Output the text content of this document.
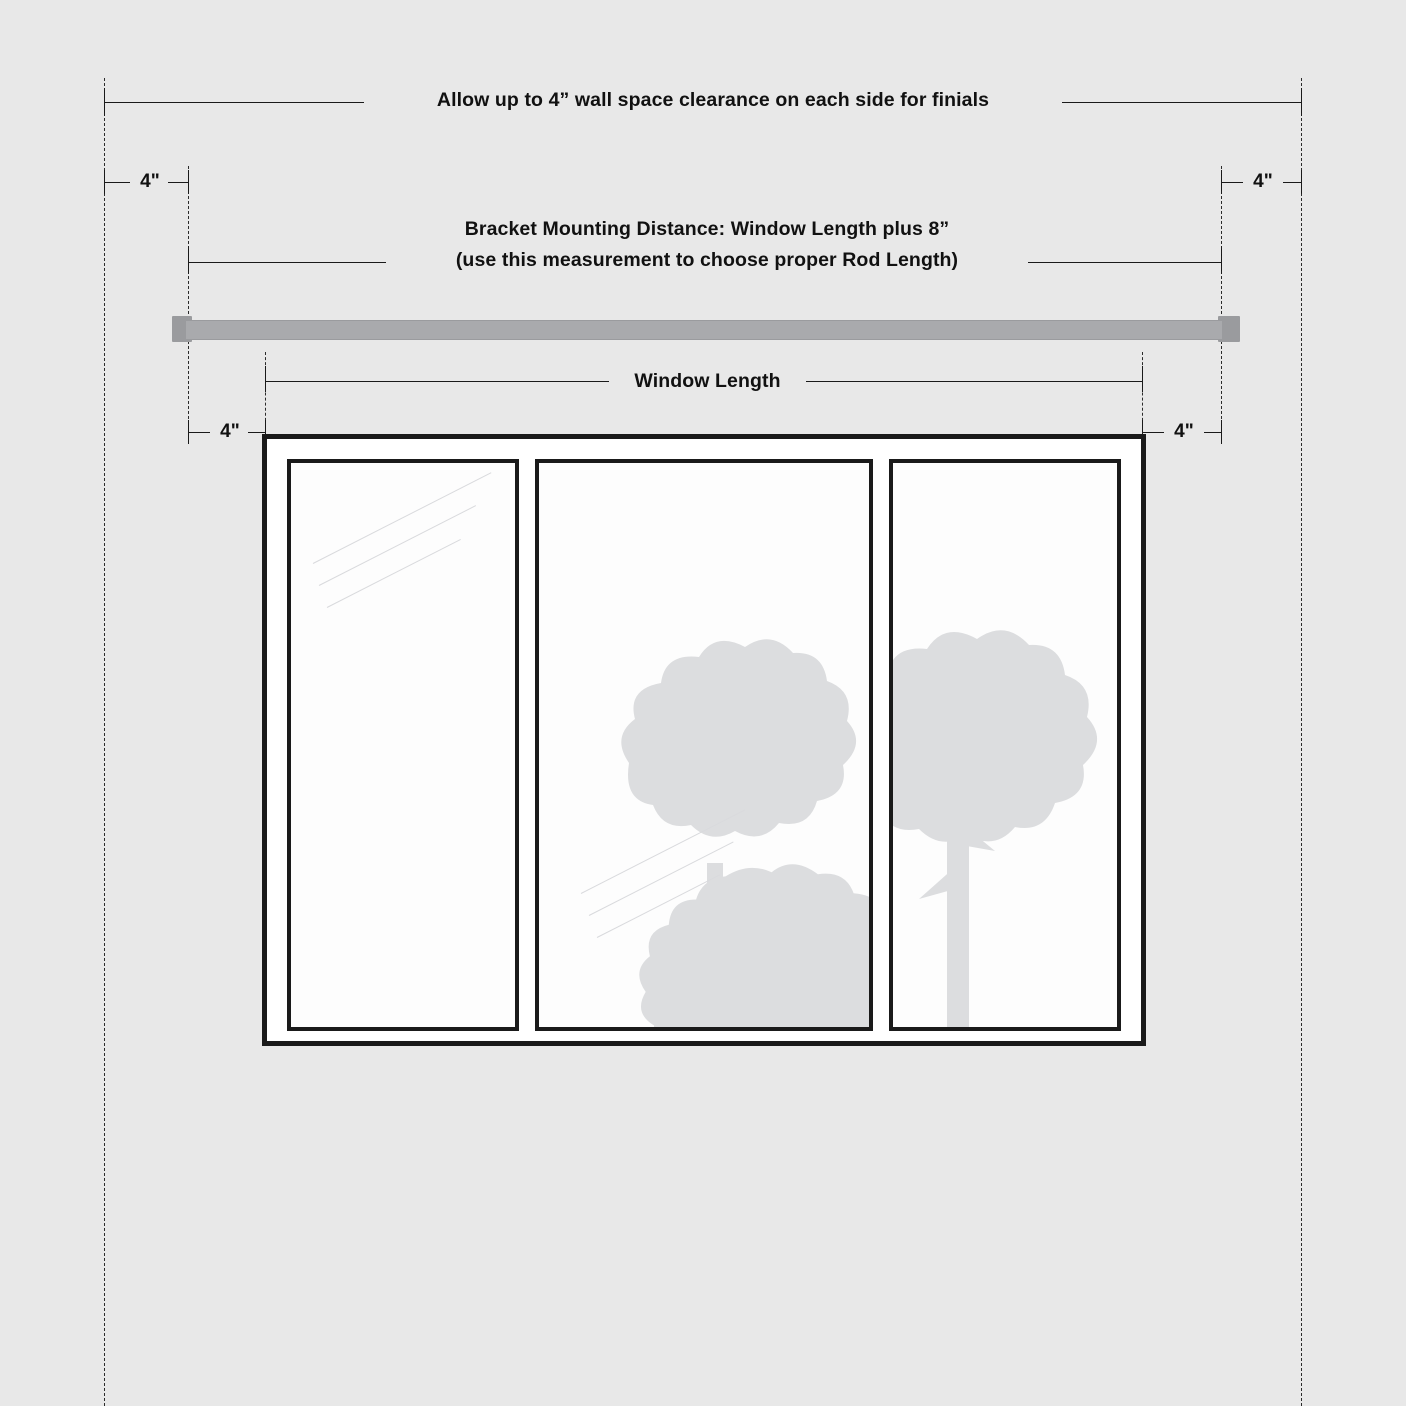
Allow up to 4” wall space clearance on each side for finials
4"	4"
Bracket Mounting Distance: Window Length plus 8”
(use this measurement to choose proper Rod Length)
Window Length
4"	4"
